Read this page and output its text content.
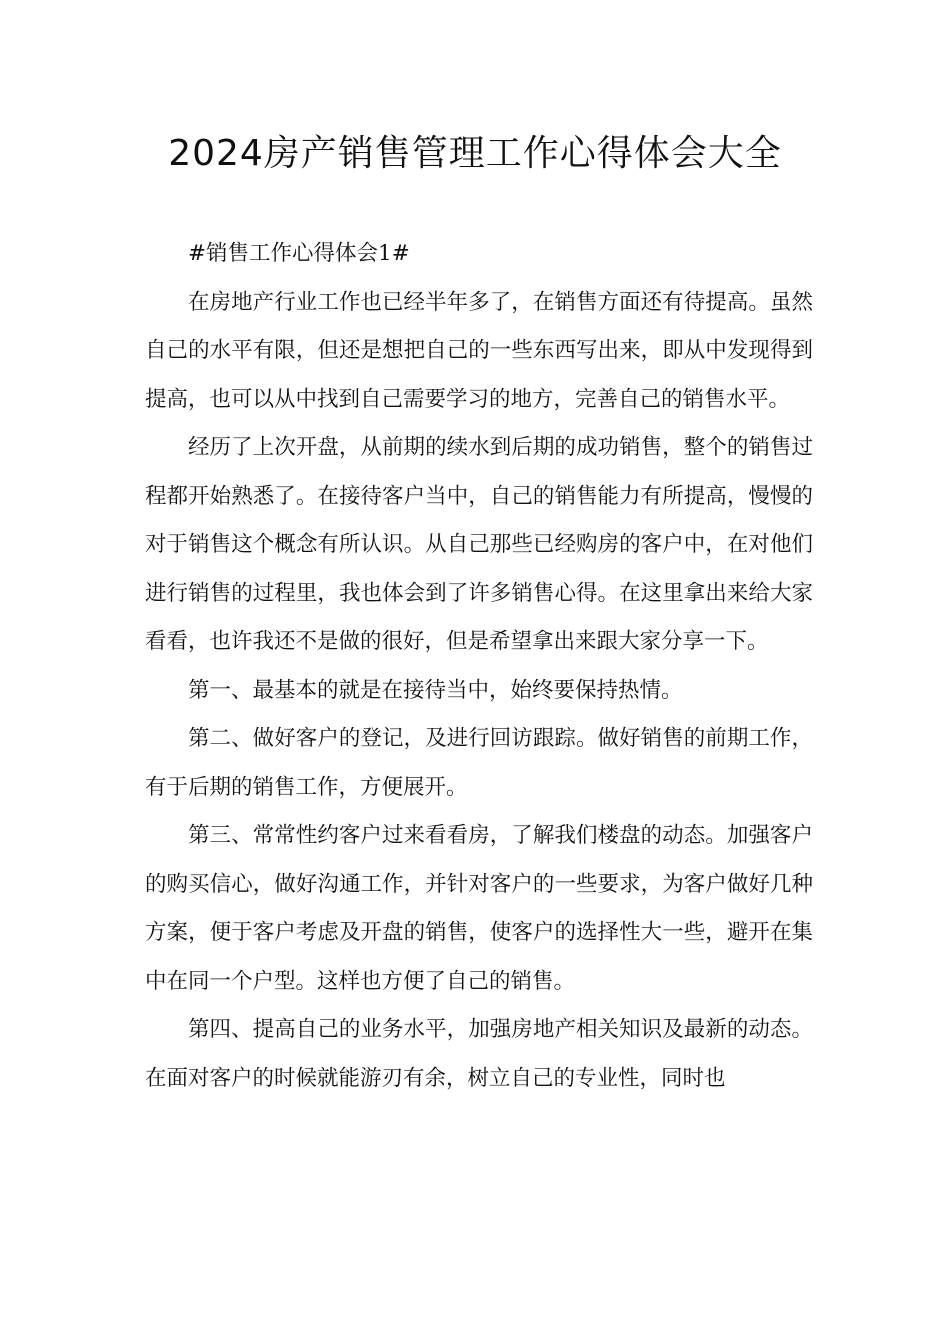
2024房产销售管理工作心得体会大全

#销售工作心得体会1#

在房地产行业工作也已经半年多了，在销售方面还有待提高。虽然自己的水平有限，但还是想把自己的一些东西写出来，即从中发现得到提高，也可以从中找到自己需要学习的地方，完善自己的销售水平。

经历了上次开盘，从前期的续水到后期的成功销售，整个的销售过程都开始熟悉了。在接待客户当中，自己的销售能力有所提高，慢慢的对于销售这个概念有所认识。从自己那些已经购房的客户中，在对他们进行销售的过程里，我也体会到了许多销售心得。在这里拿出来给大家看看，也许我还不是做的很好，但是希望拿出来跟大家分享一下。

第一、最基本的就是在接待当中，始终要保持热情。

第二、做好客户的登记，及进行回访跟踪。做好销售的前期工作，有于后期的销售工作，方便展开。

第三、常常性约客户过来看看房，了解我们楼盘的动态。加强客户的购买信心，做好沟通工作，并针对客户的一些要求，为客户做好几种方案，便于客户考虑及开盘的销售，使客户的选择性大一些，避开在集中在同一个户型。这样也方便了自己的销售。

第四、提高自己的业务水平，加强房地产相关知识及最新的动态。在面对客户的时候就能游刃有余，树立自己的专业性，同时也
